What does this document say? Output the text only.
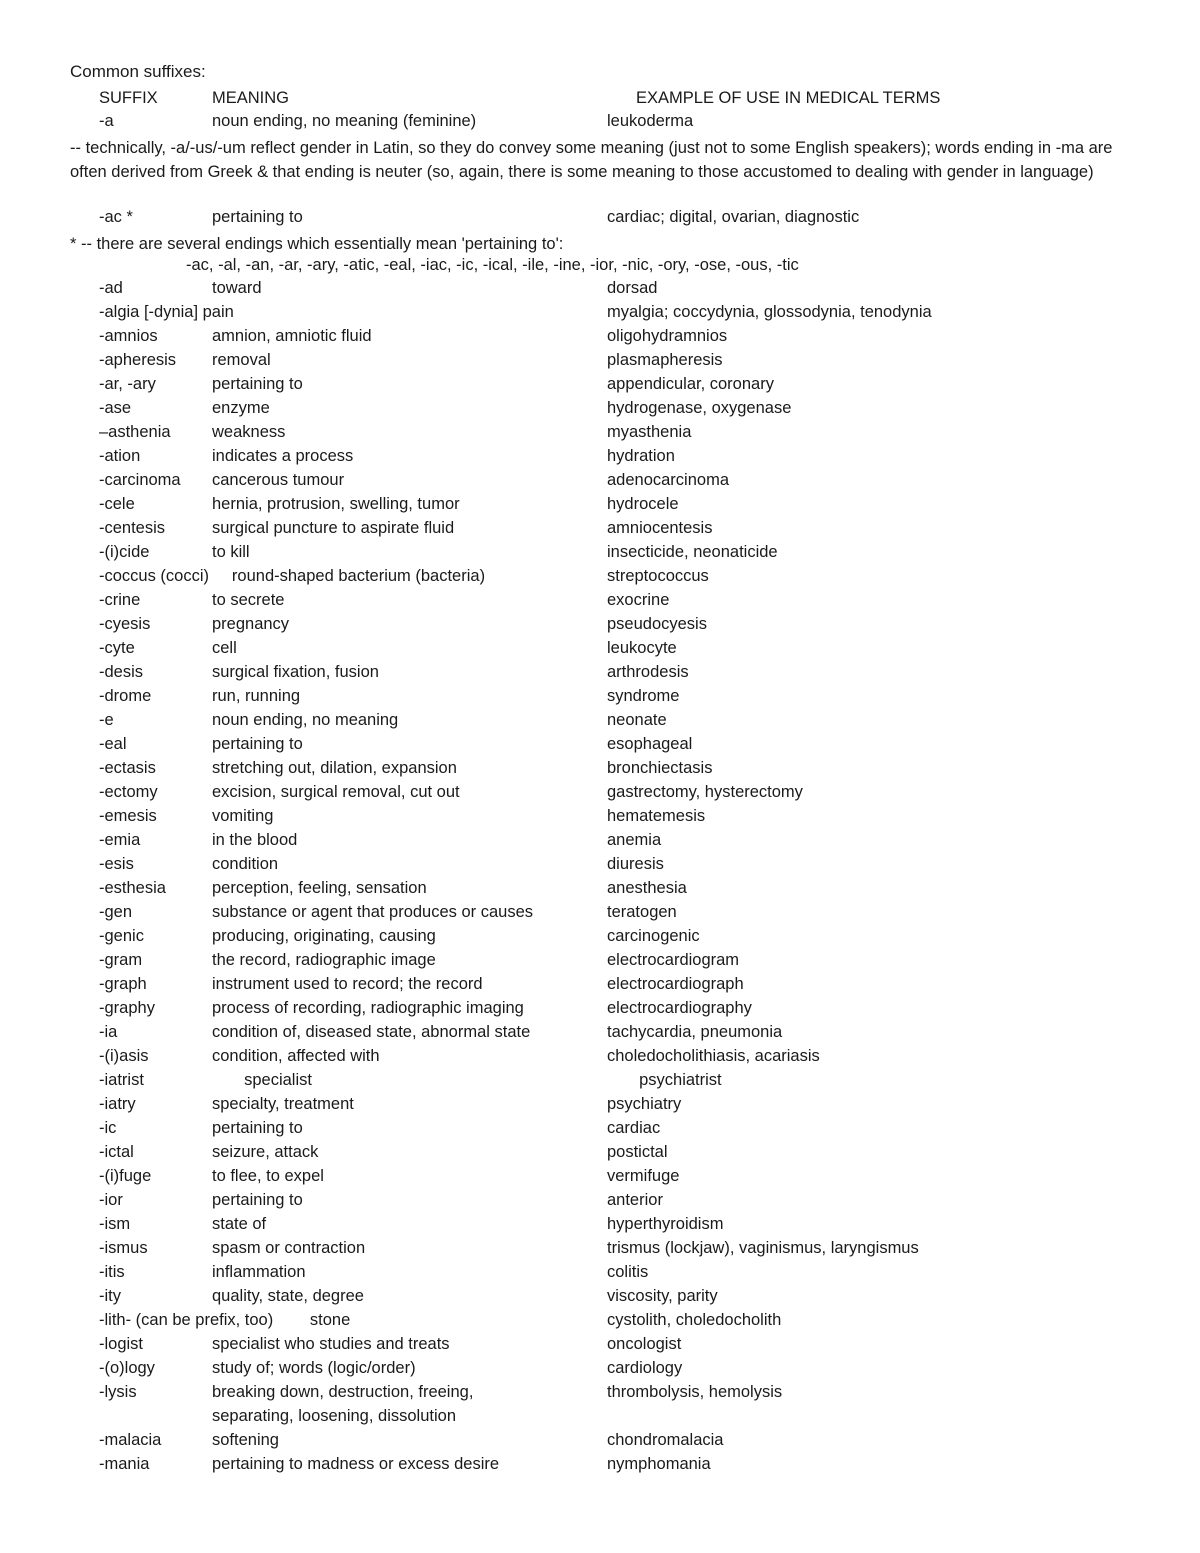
Common suffixes:
SUFFIX	MEANING	EXAMPLE OF USE IN MEDICAL TERMS
-a	noun ending, no meaning (feminine)	leukoderma
-- technically, -a/-us/-um reflect gender in Latin, so they do convey some meaning (just not to some English speakers); words ending in -ma are often derived from Greek & that ending is neuter (so, again, there is some meaning to those accustomed to dealing with gender in language)
-ac *	pertaining to	cardiac; digital, ovarian, diagnostic
* -- there are several endings which essentially mean 'pertaining to':
-ac, -al, -an, -ar, -ary, -atic, -eal, -iac, -ic, -ical, -ile, -ine, -ior, -nic, -ory, -ose, -ous, -tic
-ad	toward	dorsad
-algia [-dynia] pain	myalgia; coccydynia, glossodynia, tenodynia
-amnios	amnion, amniotic fluid	oligohydramnios
-apheresis removal	plasmapheresis
-ar, -ary	pertaining to	appendicular, coronary
-ase	enzyme	hydrogenase, oxygenase
–asthenia	weakness	myasthenia
-ation	indicates a process	hydration
-carcinoma cancerous tumour	adenocarcinoma
-cele	hernia, protrusion, swelling, tumor	hydrocele
-centesis	surgical puncture to aspirate fluid	amniocentesis
-(i)cide	to kill	insecticide, neonaticide
-coccus (cocci)     round-shaped bacterium (bacteria)	streptococcus
-crine	to secrete	exocrine
-cyesis	pregnancy	pseudocyesis
-cyte	cell	leukocyte
-desis	surgical fixation, fusion	arthrodesis
-drome	run, running	syndrome
-e	noun ending, no meaning	neonate
-eal	pertaining to	esophageal
-ectasis	stretching out, dilation, expansion	bronchiectasis
-ectomy	excision, surgical removal, cut out	gastrectomy, hysterectomy
-emesis	vomiting	hematemesis
-emia	in the blood	anemia
-esis	condition	diuresis
-esthesia	perception, feeling, sensation	anesthesia
-gen	substance or agent that produces or causes	teratogen
-genic	producing, originating, causing	carcinogenic
-gram	the record, radiographic image	electrocardiogram
-graph	instrument used to record; the record	electrocardiograph
-graphy	process of recording, radiographic imaging	electrocardiography
-ia	condition of, diseased state, abnormal state	tachycardia, pneumonia
-(i)asis	condition, affected with	choledocholithiasis, acariasis
-iatrist	specialist	psychiatrist
-iatry	specialty, treatment	psychiatry
-ic	pertaining to	cardiac
-ictal	seizure, attack	postictal
-(i)fuge	to flee, to expel	vermifuge
-ior	pertaining to	anterior
-ism	state of	hyperthyroidism
-ismus	spasm or contraction	trismus (lockjaw), vaginismus, laryngismus
-itis	inflammation	colitis
-ity	quality, state, degree	viscosity, parity
-lith- (can be prefix, too)        stone	cystolith, choledocholith
-logist	specialist who studies and treats	oncologist
-(o)logy	study of; words (logic/order)	cardiology
-lysis	breaking down, destruction, freeing,	thrombolysis, hemolysis
separating, loosening, dissolution
-malacia	softening	chondromalacia
-mania	pertaining to madness or excess desire	nymphomania
